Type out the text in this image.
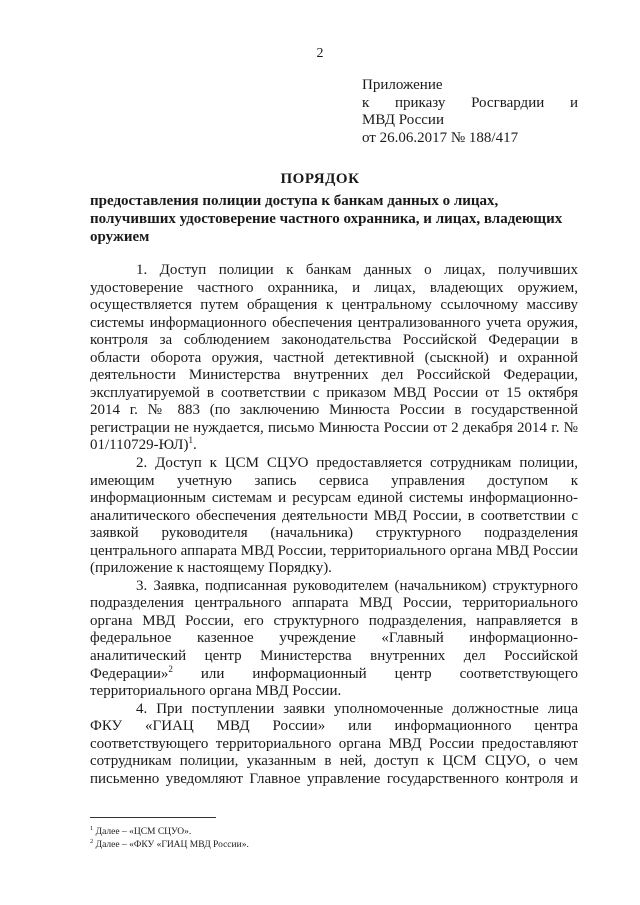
2
Приложение
к приказу Росгвардии и
МВД России
от 26.06.2017 № 188/417
ПОРЯДОК
предоставления полиции доступа к банкам данных о лицах, получивших удостоверение частного охранника, и лицах, владеющих оружием

1. Доступ полиции к банкам данных о лицах, получивших удостоверение частного охранника, и лицах, владеющих оружием, осуществляется путем обращения к центральному ссылочному массиву системы информационного обеспечения централизованного учета оружия, контроля за соблюдением законодательства Российской Федерации в области оборота оружия, частной детективной (сыскной) и охранной деятельности Министерства внутренних дел Российской Федерации, эксплуатируемой в соответствии с приказом МВД России от 15 октября 2014 г. № 883 (по заключению Минюста России в государственной регистрации не нуждается, письмо Минюста России от 2 декабря 2014 г. № 01/110729-ЮЛ)$^1$.

2. Доступ к ЦСМ СЦУО предоставляется сотрудникам полиции, имеющим учетную запись сервиса управления доступом к информационным системам и ресурсам единой системы информационно-аналитического обеспечения деятельности МВД России, в соответствии с заявкой руководителя (начальника) структурного подразделения центрального аппарата МВД России, территориального органа МВД России (приложение к настоящему Порядку).

3. Заявка, подписанная руководителем (начальником) структурного подразделения центрального аппарата МВД России, территориального органа МВД России, его структурного подразделения, направляется в федеральное казенное учреждение «Главный информационно-аналитический центр Министерства внутренних дел Российской Федерации»$^2$ или информационный центр соответствующего территориального органа МВД России.

4. При поступлении заявки уполномоченные должностные лица ФКУ «ГИАЦ МВД России» или информационного центра соответствующего территориального органа МВД России предоставляют сотрудникам полиции, указанным в ней, доступ к ЦСМ СЦУО, о чем письменно уведомляют Главное управление государственного контроля и

$^1$ Далее – «ЦСМ СЦУО».
$^2$ Далее – «ФКУ «ГИАЦ МВД России».
